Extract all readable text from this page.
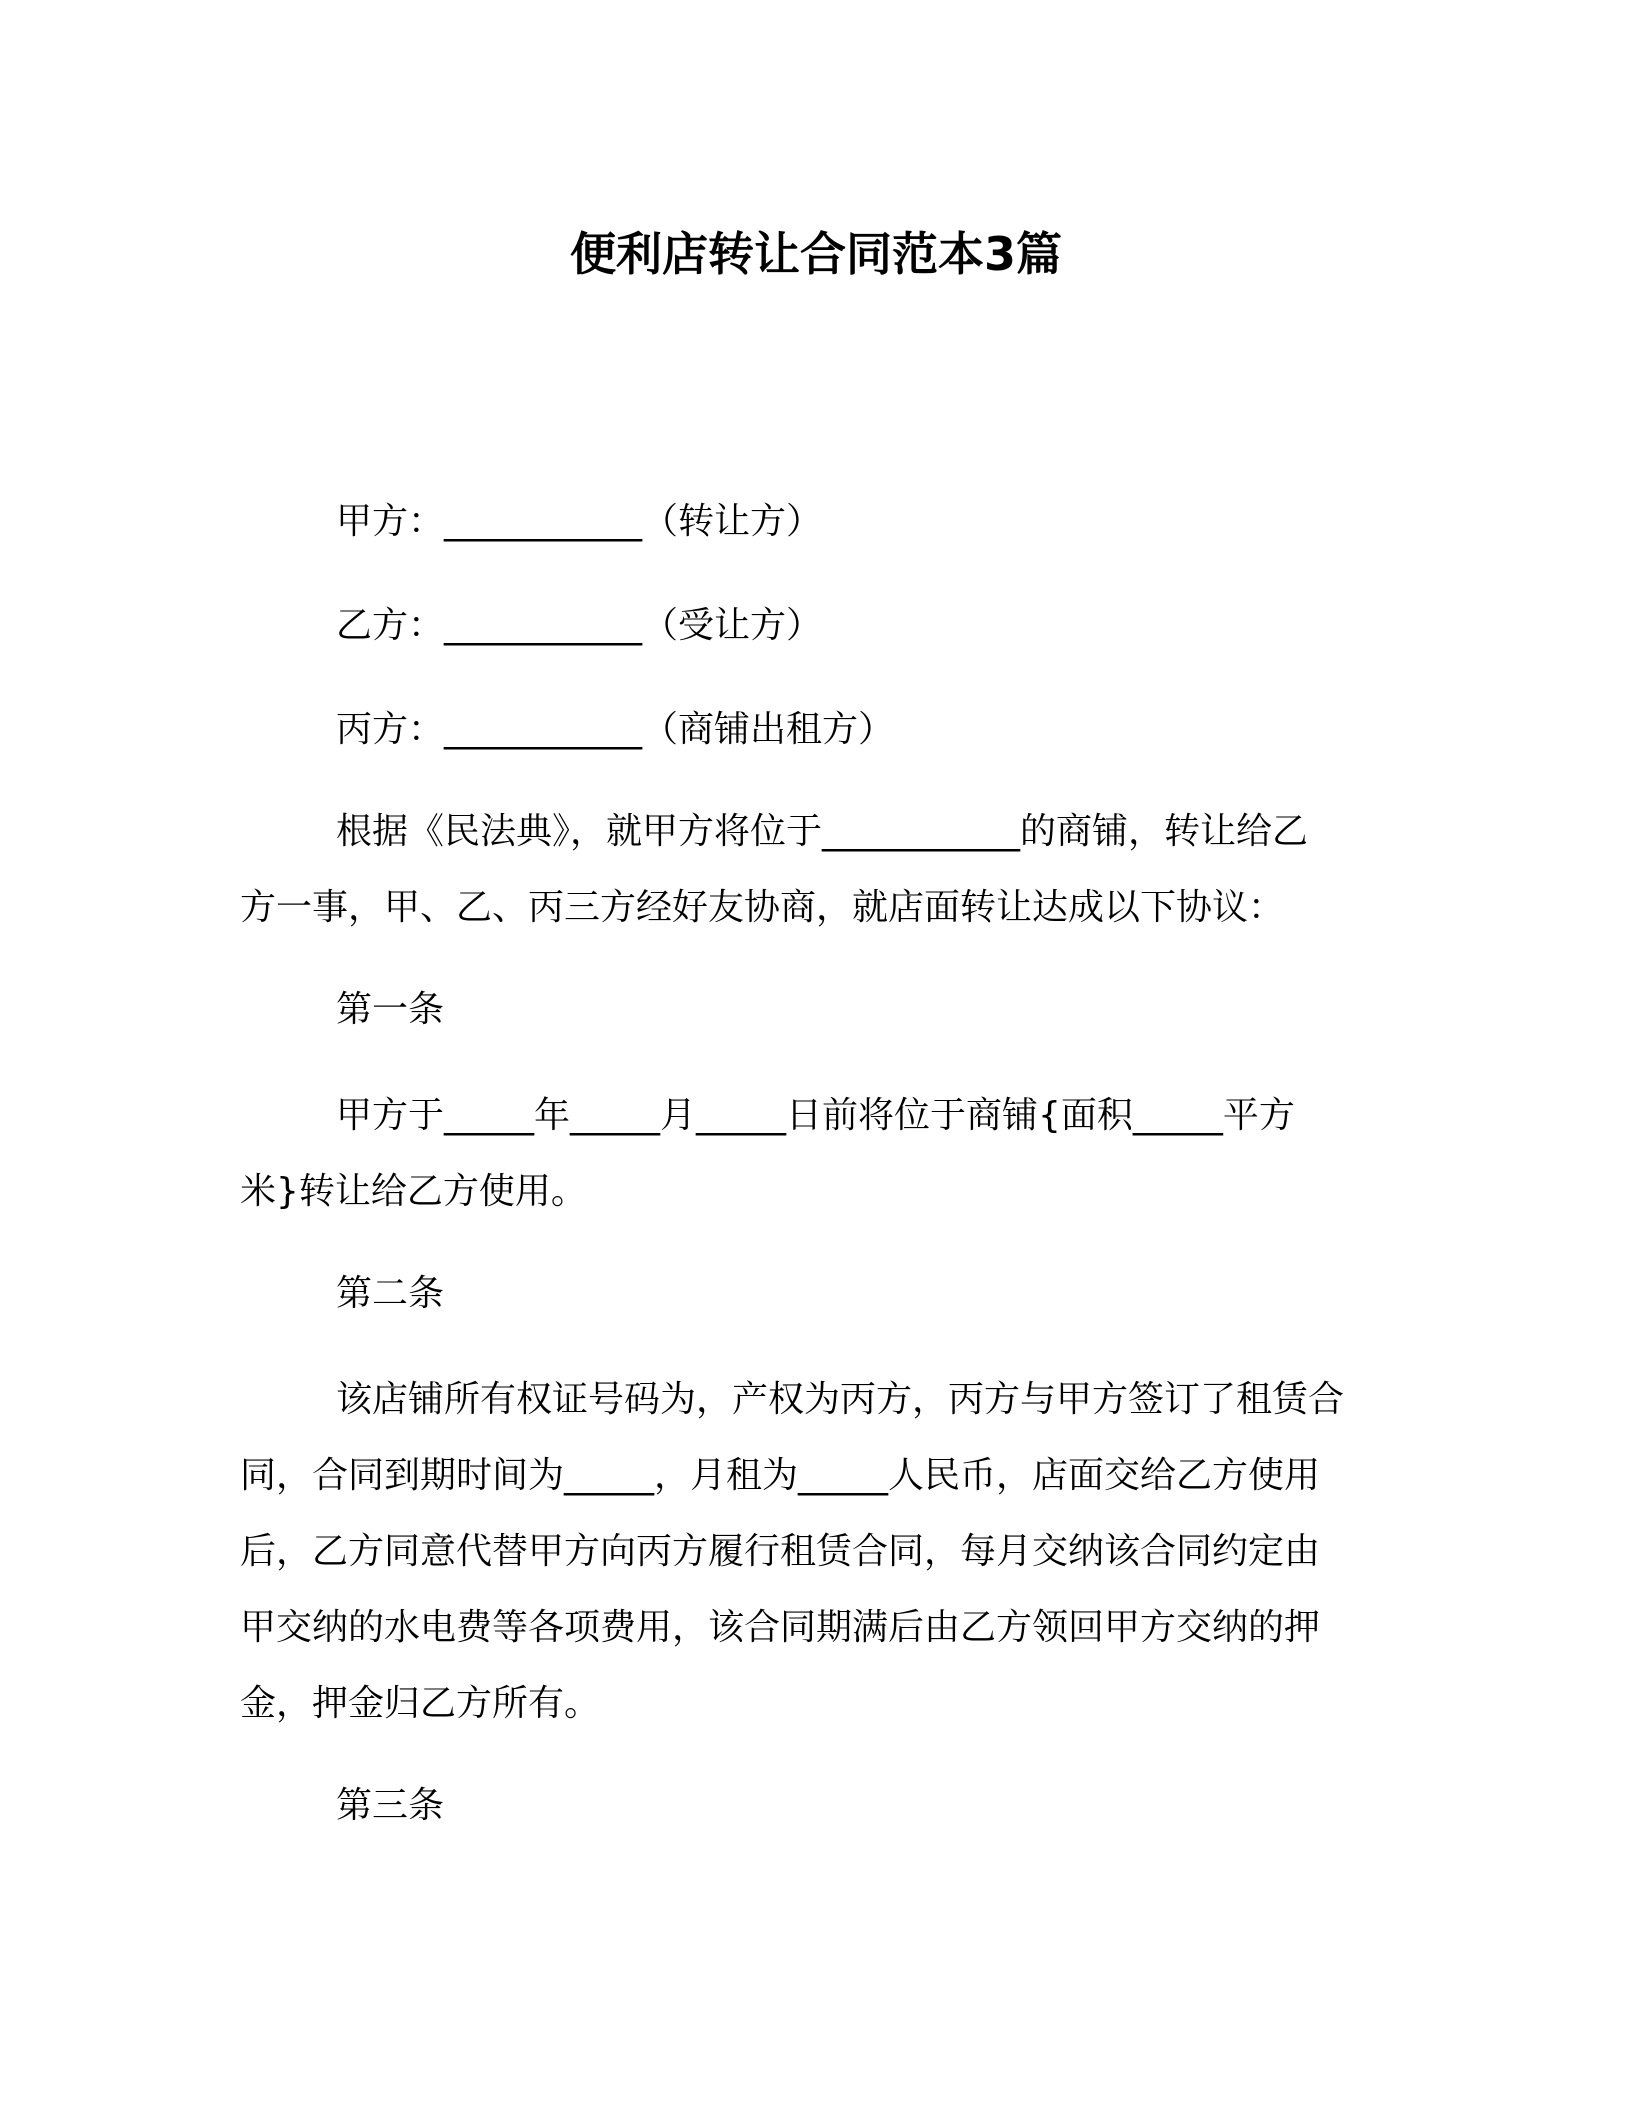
便利店转让合同范本3篇
甲方：___________（转让方）
乙方：___________（受让方）
丙方：___________（商铺出租方）
根据《民法典》，就甲方将位于___________的商铺，转让给乙
方一事，甲、乙、丙三方经好友协商，就店面转让达成以下协议：
第一条
甲方于_____年_____月_____日前将位于商铺{面积_____平方
米}转让给乙方使用。
第二条
该店铺所有权证号码为，产权为丙方，丙方与甲方签订了租赁合
同，合同到期时间为_____，月租为_____人民币，店面交给乙方使用
后，乙方同意代替甲方向丙方履行租赁合同，每月交纳该合同约定由
甲交纳的水电费等各项费用，该合同期满后由乙方领回甲方交纳的押
金，押金归乙方所有。
第三条
